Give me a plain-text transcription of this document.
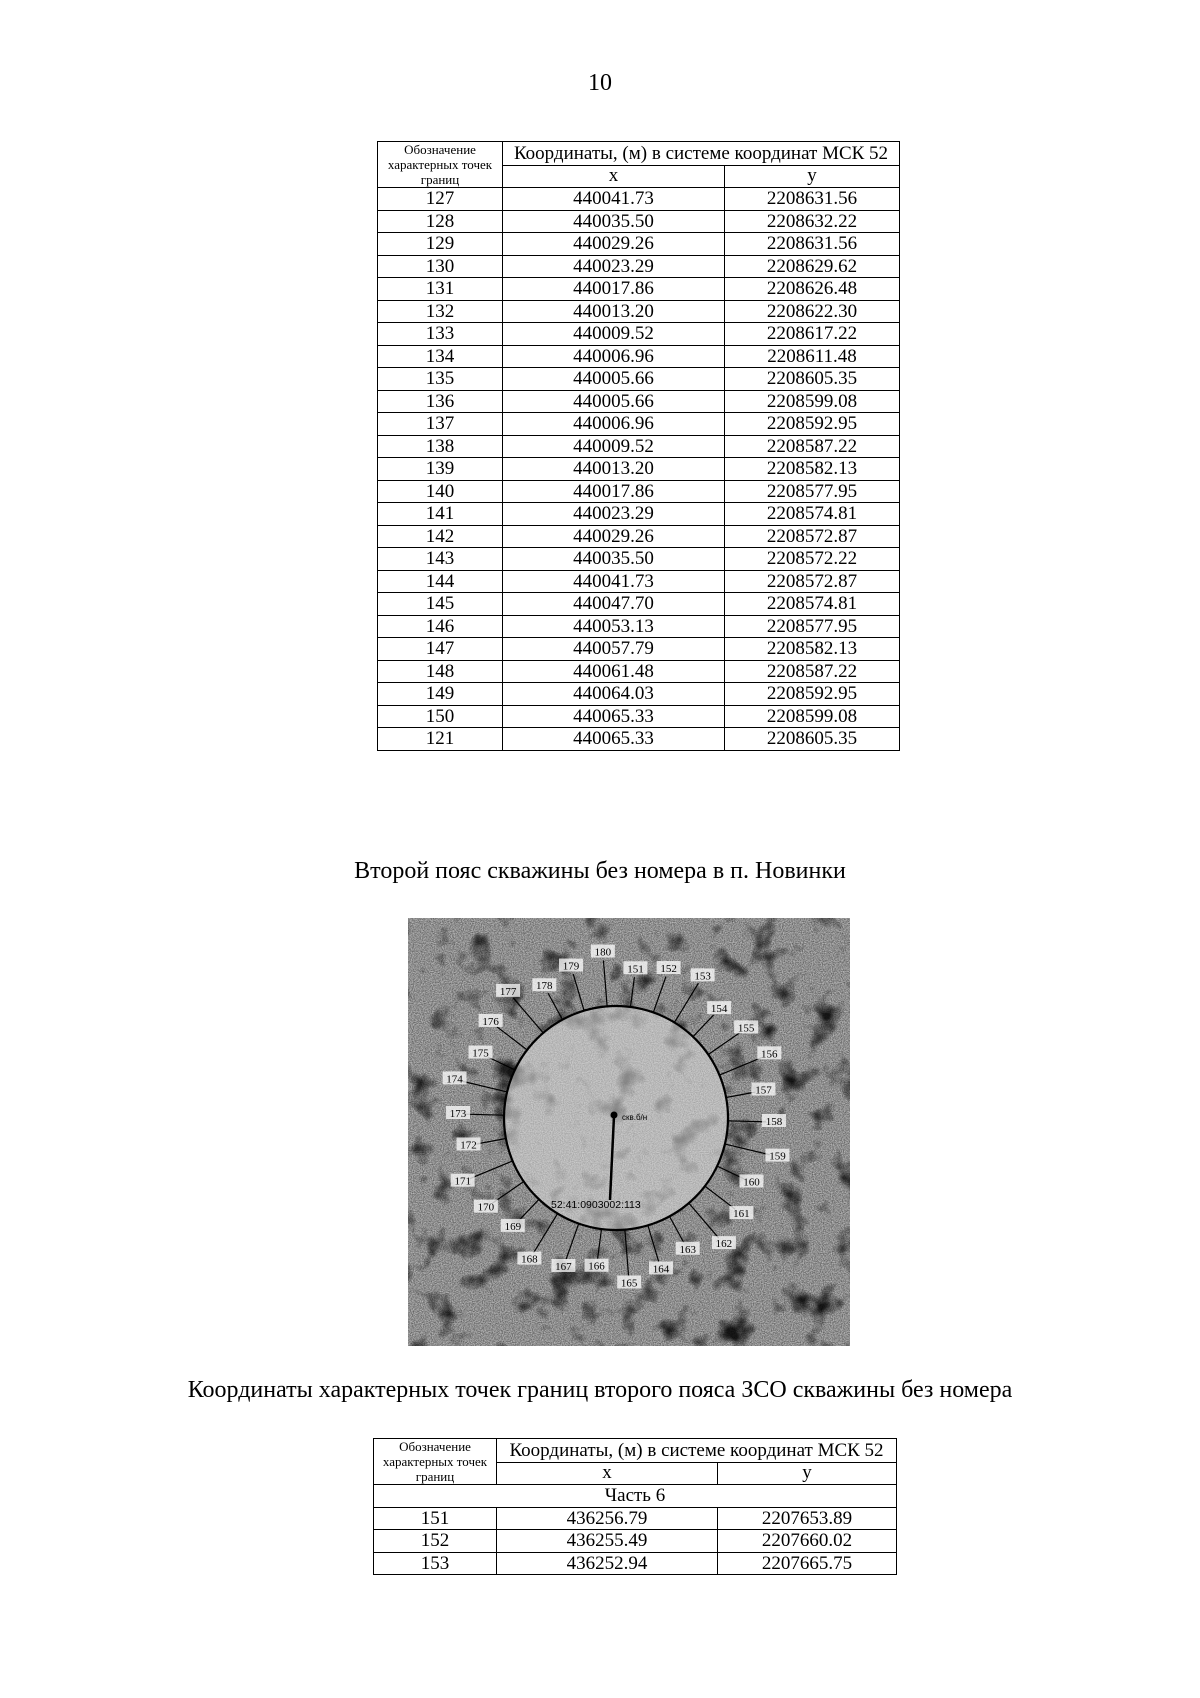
10
Обозначение характерных точек границ	Координаты, (м) в системе координат МСК 52	
	x	y
127	440041.73	2208631.56
128	440035.50	2208632.22
129	440029.26	2208631.56
130	440023.29	2208629.62
131	440017.86	2208626.48
132	440013.20	2208622.30
133	440009.52	2208617.22
134	440006.96	2208611.48
135	440005.66	2208605.35
136	440005.66	2208599.08
137	440006.96	2208592.95
138	440009.52	2208587.22
139	440013.20	2208582.13
140	440017.86	2208577.95
141	440023.29	2208574.81
142	440029.26	2208572.87
143	440035.50	2208572.22
144	440041.73	2208572.87
145	440047.70	2208574.81
146	440053.13	2208577.95
147	440057.79	2208582.13
148	440061.48	2208587.22
149	440064.03	2208592.95
150	440065.33	2208599.08
121	440065.33	2208605.35
Второй пояс скважины без номера в п. Новинки
151 152
153
154
155
156
157
158
159
160
161
162
163
164
165
166
167
168
169
170
171
172
173
174
175
176
177 178
179
180
скв.б/н
52:41:0903002:113
Координаты характерных точек границ второго пояса ЗСО скважины без номера
Обозначение характерных точек границ	Координаты, (м) в системе координат МСК 52	
	x	y
Часть 6		
151	436256.79	2207653.89
152	436255.49	2207660.02
153	436252.94	2207665.75
